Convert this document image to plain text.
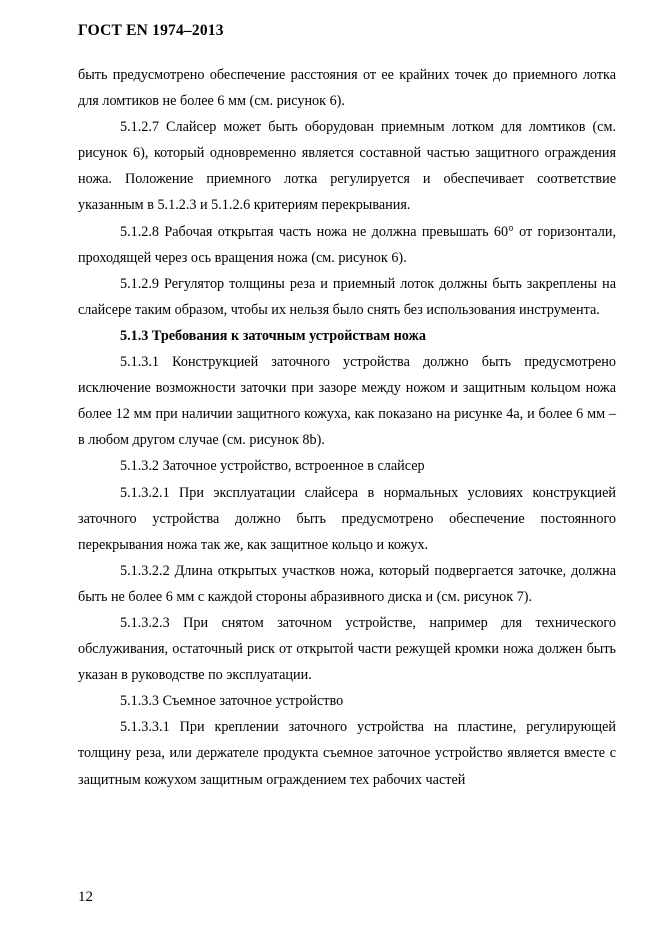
ГОСТ EN 1974–2013

быть предусмотрено обеспечение расстояния от ее крайних точек до приемного лотка для ломтиков не более 6 мм (см. рисунок 6).

5.1.2.7 Слайсер может быть оборудован приемным лотком для ломтиков (см. рисунок 6), который одновременно является составной частью защитного ограждения ножа. Положение приемного лотка регулируется и обеспечивает соответствие указанным в 5.1.2.3 и 5.1.2.6 критериям перекрывания.

5.1.2.8 Рабочая открытая часть ножа не должна превышать 60° от горизонтали, проходящей через ось вращения ножа (см. рисунок 6).

5.1.2.9 Регулятор толщины реза и приемный лоток должны быть закреплены на слайсере таким образом, чтобы их нельзя было снять без использования инструмента.

5.1.3 Требования к заточным устройствам ножа

5.1.3.1 Конструкцией заточного устройства должно быть предусмотрено исключение возможности заточки при зазоре между ножом и защитным кольцом ножа более 12 мм при наличии защитного кожуха, как показано на рисунке 4а, и более 6 мм – в любом другом случае (см. рисунок 8b).

5.1.3.2 Заточное устройство, встроенное в слайсер

5.1.3.2.1 При эксплуатации слайсера в нормальных условиях конструкцией заточного устройства должно быть предусмотрено обеспечение постоянного перекрывания ножа так же, как защитное кольцо и кожух.

5.1.3.2.2 Длина открытых участков ножа, который подвергается заточке, должна быть не более 6 мм с каждой стороны абразивного диска и (см. рисунок 7).

5.1.3.2.3 При снятом заточном устройстве, например для технического обслуживания, остаточный риск от открытой части режущей кромки ножа должен быть указан в руководстве по эксплуатации.

5.1.3.3 Съемное заточное устройство

5.1.3.3.1 При креплении заточного устройства на пластине, регулирующей толщину реза, или держателе продукта съемное заточное устройство является вместе с защитным кожухом защитным ограждением тех рабочих частей

12
